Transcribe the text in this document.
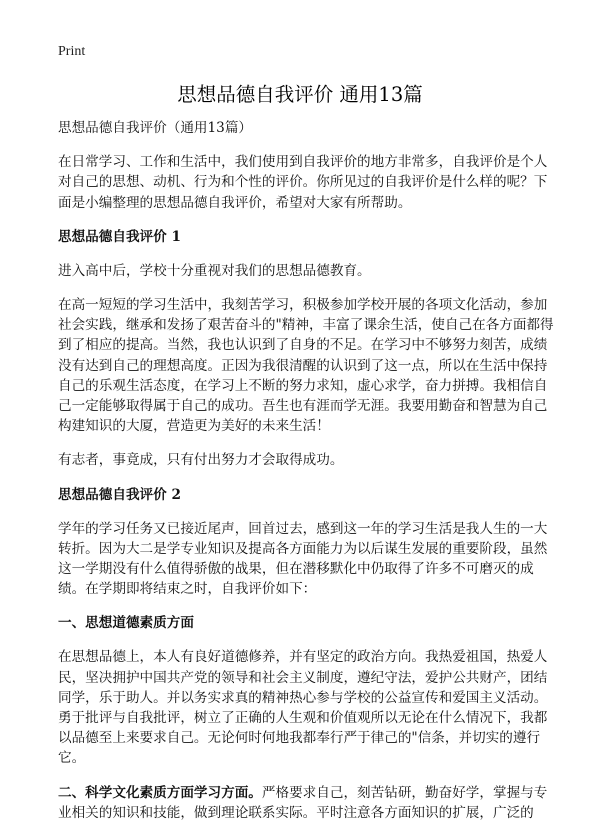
Print
思想品德自我评价 通用13篇

思想品德自我评价（通用13篇）

在日常学习、工作和生活中，我们使用到自我评价的地方非常多，自我评价是个人对自己的思想、动机、行为和个性的评价。你所见过的自我评价是什么样的呢？下面是小编整理的思想品德自我评价，希望对大家有所帮助。

思想品德自我评价 1

进入高中后，学校十分重视对我们的思想品德教育。

在高一短短的学习生活中，我刻苦学习，积极参加学校开展的各项文化活动，参加社会实践，继承和发扬了艰苦奋斗的"精神，丰富了课余生活，使自己在各方面都得到了相应的提高。当然，我也认识到了自身的不足。在学习中不够努力刻苦，成绩没有达到自己的理想高度。正因为我很清醒的认识到了这一点，所以在生活中保持自己的乐观生活态度，在学习上不断的努力求知，虚心求学，奋力拼搏。我相信自己一定能够取得属于自己的成功。吾生也有涯而学无涯。我要用勤奋和智慧为自己构建知识的大厦，营造更为美好的未来生活！

有志者，事竟成，只有付出努力才会取得成功。

思想品德自我评价 2

学年的学习任务又已接近尾声，回首过去，感到这一年的学习生活是我人生的一大转折。因为大二是学专业知识及提高各方面能力为以后谋生发展的重要阶段，虽然这一学期没有什么值得骄傲的战果，但在潜移默化中仍取得了许多不可磨灭的成绩。在学期即将结束之时，自我评价如下：

一、思想道德素质方面

在思想品德上，本人有良好道德修养，并有坚定的政治方向。我热爱祖国，热爱人民，坚决拥护中国共产党的领导和社会主义制度，遵纪守法，爱护公共财产，团结同学，乐于助人。并以务实求真的精神热心参与学校的公益宣传和爱国主义活动。勇于批评与自我批评，树立了正确的人生观和价值观所以无论在什么情况下，我都以品德至上来要求自己。无论何时何地我都奉行严于律己的"信条，并切实的遵行它。

二、科学文化素质方面学习方面。严格要求自己，刻苦钻研，勤奋好学，掌握与专业相关的知识和技能，做到理论联系实际。平时注意各方面知识的扩展，广泛的
